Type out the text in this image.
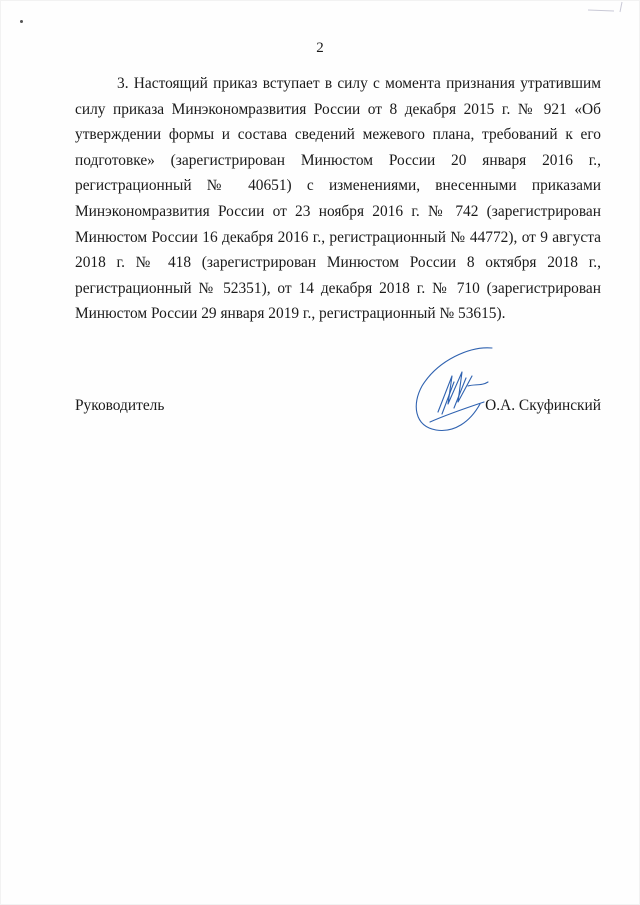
2

3. Настоящий приказ вступает в силу с момента признания утратившим силу приказа Минэкономразвития России от 8 декабря 2015 г. № 921 «Об утверждении формы и состава сведений межевого плана, требований к его подготовке» (зарегистрирован Минюстом России 20 января 2016 г., регистрационный № 40651) с изменениями, внесенными приказами Минэкономразвития России от 23 ноября 2016 г. № 742 (зарегистрирован Минюстом России 16 декабря 2016 г., регистрационный № 44772), от 9 августа 2018 г. № 418 (зарегистрирован Минюстом России 8 октября 2018 г., регистрационный № 52351), от 14 декабря 2018 г. № 710 (зарегистрирован Минюстом России 29 января 2019 г., регистрационный № 53615).

Руководитель	О.А. Скуфинский
